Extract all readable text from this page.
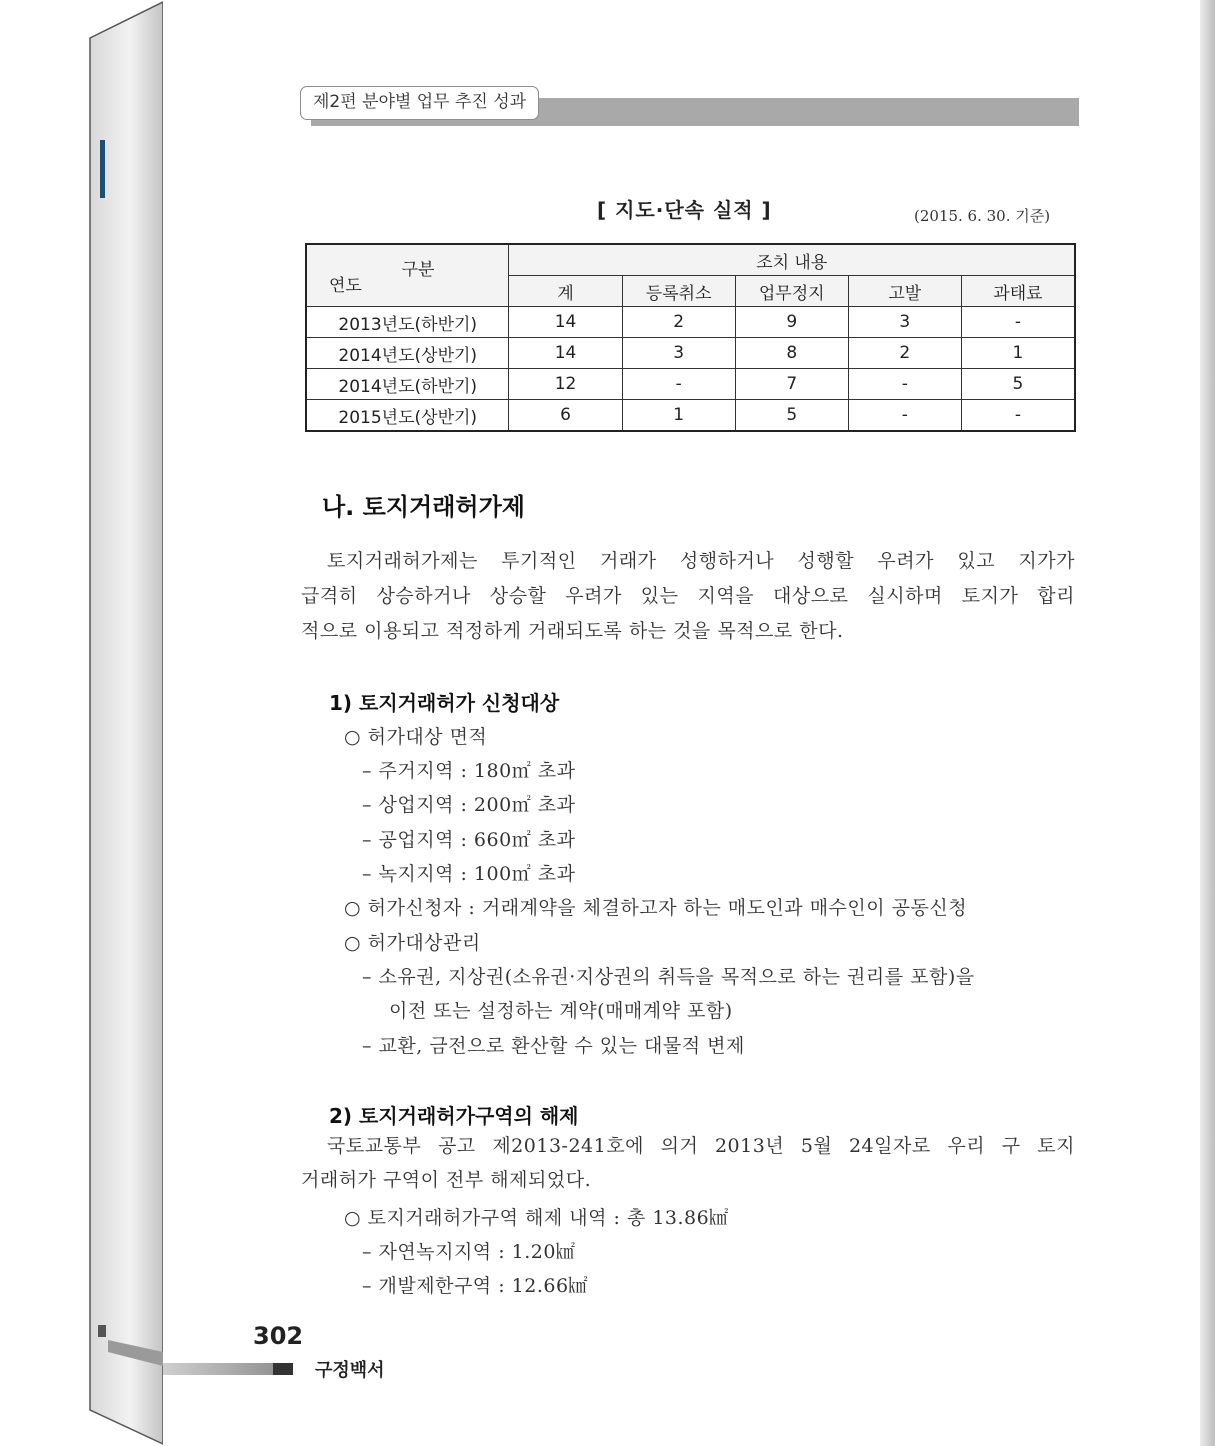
제2편 분야별 업무 추진 성과
[ 지도·단속 실적 ]	(2015. 6. 30. 기준)
구분
연도	조치 내용				
	계	등록취소	업무정지	고발	과태료
2013년도(하반기)	14	2	9	3	-
2014년도(상반기)	14	3	8	2	1
2014년도(하반기)	12	-	7	-	5
2015년도(상반기)	6	1	5	-	-
나. 토지거래허가제
토지거래허가제는 투기적인 거래가 성행하거나 성행할 우려가 있고 지가가
급격히 상승하거나 상승할 우려가 있는 지역을 대상으로 실시하며 토지가 합리
적으로 이용되고 적정하게 거래되도록 하는 것을 목적으로 한다.
1) 토지거래허가 신청대상
○ 허가대상 면적
– 주거지역 : 180㎡ 초과
– 상업지역 : 200㎡ 초과
– 공업지역 : 660㎡ 초과
– 녹지지역 : 100㎡ 초과
○ 허가신청자 : 거래계약을 체결하고자 하는 매도인과 매수인이 공동신청
○ 허가대상관리
– 소유권, 지상권(소유권·지상권의 취득을 목적으로 하는 권리를 포함)을
이전 또는 설정하는 계약(매매계약 포함)
– 교환, 금전으로 환산할 수 있는 대물적 변제
2) 토지거래허가구역의 해제
국토교통부 공고 제2013-241호에 의거 2013년 5월 24일자로 우리 구 토지
거래허가 구역이 전부 해제되었다.
○ 토지거래허가구역 해제 내역 : 총 13.86㎢
– 자연녹지지역 : 1.20㎢
– 개발제한구역 : 12.66㎢
302
구정백서
